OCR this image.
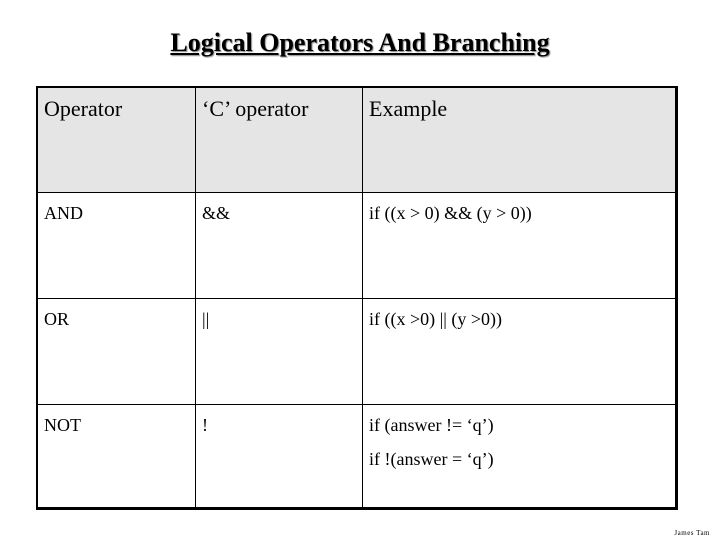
Logical Operators And Branching
Operator	‘C’ operator	Example
AND	&&	if ((x > 0) && (y > 0))

OR	||	if ((x >0) || (y >0))

NOT	!	if (answer != ‘q’)
if !(answer = ‘q’)
James Tam
